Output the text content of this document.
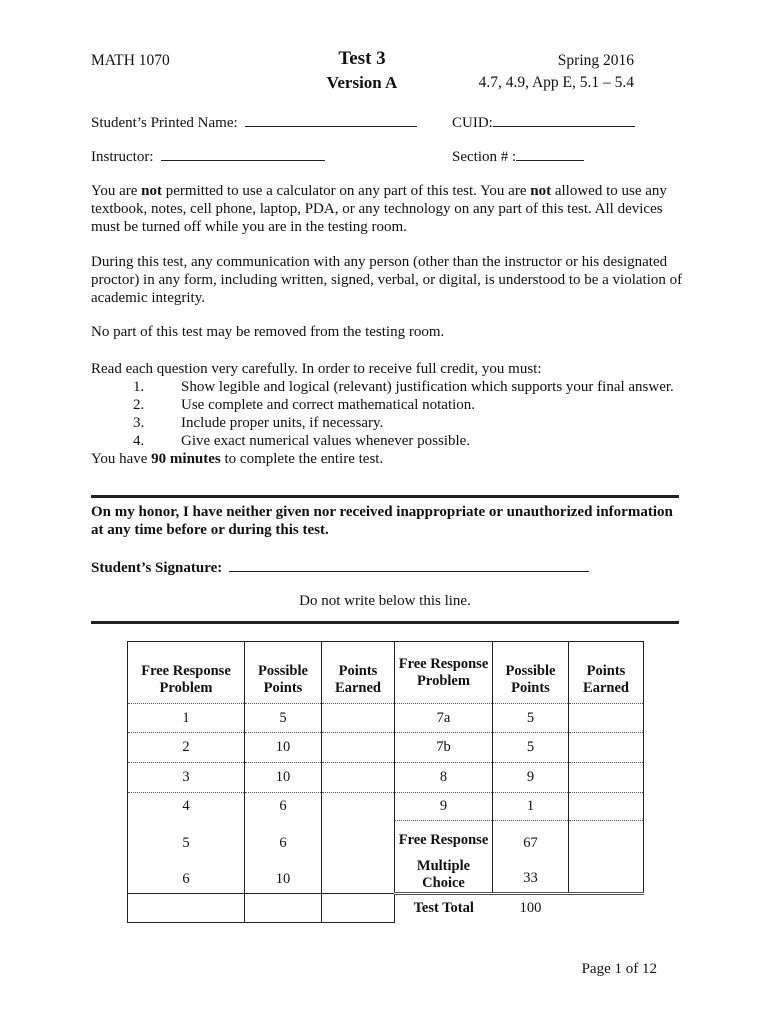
MATH 1070	Test 3
Version A
Spring 2016
4.7, 4.9, App E, 5.1 – 5.4
Student’s Printed Name:	CUID:
Instructor:	Section # :
You are not permitted to use a calculator on any part of this test. You are not allowed to use any textbook, notes, cell phone, laptop, PDA, or any technology on any part of this test. All devices must be turned off while you are in the testing room.
During this test, any communication with any person (other than the instructor or his designated proctor) in any form, including written, signed, verbal, or digital, is understood to be a violation of academic integrity.
No part of this test may be removed from the testing room.
Read each question very carefully. In order to receive full credit, you must:
1. Show legible and logical (relevant) justification which supports your final answer.
2. Use complete and correct mathematical notation.
3. Include proper units, if necessary.
4. Give exact numerical values whenever possible.
You have 90 minutes to complete the entire test.
On my honor, I have neither given nor received inappropriate or unauthorized information at any time before or during this test.
Student’s Signature:
Do not write below this line.
Free Response Problem	Possible Points	Points Earned	Free Response Problem	Possible Points	Points Earned
1	5		7a	5	
2	10		7b	5	
3	10		8	9	
4	6		9	1	
5	6		Free Response	67	
6	10		Multiple Choice	33	
			Test Total	100	
Page 1 of 12
